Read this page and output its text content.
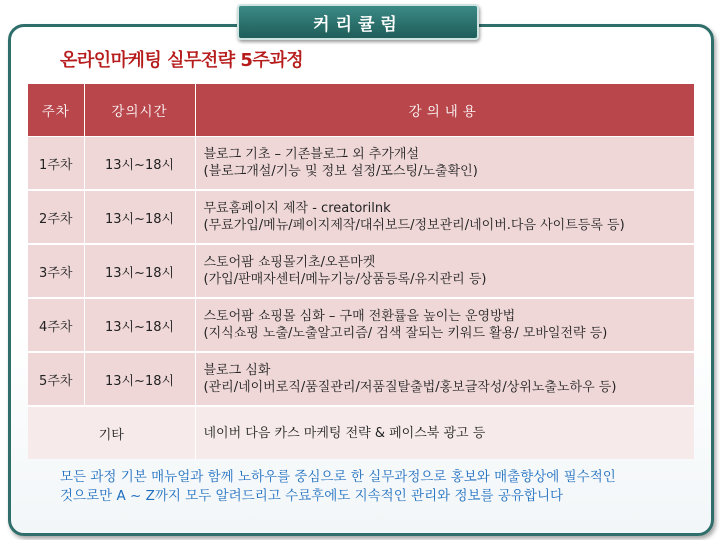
커리큘럼
온라인마케팅 실무전략 5주과정
주차	강의시간	강의내용
1주차	13시~18시	블로그 기초 – 기존블로그 외 추가개설
(블로그개설/기능 및 정보 설정/포스팅/노출확인)

2주차	13시~18시	무료홈페이지 제작 - creatorilnk
(무료가입/메뉴/페이지제작/대쉬보드/정보관리/네이버.다음 사이트등록 등)

3주차	13시~18시	스토어팜 쇼핑몰기초/오픈마켓
(가입/판매자센터/메뉴기능/상품등록/유지관리 등)

4주차	13시~18시	스토어팜 쇼핑몰 심화 – 구매 전환률을 높이는 운영방법
(지식쇼핑 노출/노출알고리즘/ 검색 잘되는 키워드 활용/ 모바일전략 등)

5주차	13시~18시	블로그 심화
(관리/네이버로직/품질관리/저품질탈출법/홍보글작성/상위노출노하우 등)

기타		네이버 다음 카스 마케팅 전략 & 페이스북 광고 등
모든 과정 기본 매뉴얼과 함께 노하우를 중심으로 한 실무과정으로 홍보와 매출향상에 필수적인
것으로만 A ~ Z까지 모두 알려드리고 수료후에도 지속적인 관리와 정보를 공유합니다
